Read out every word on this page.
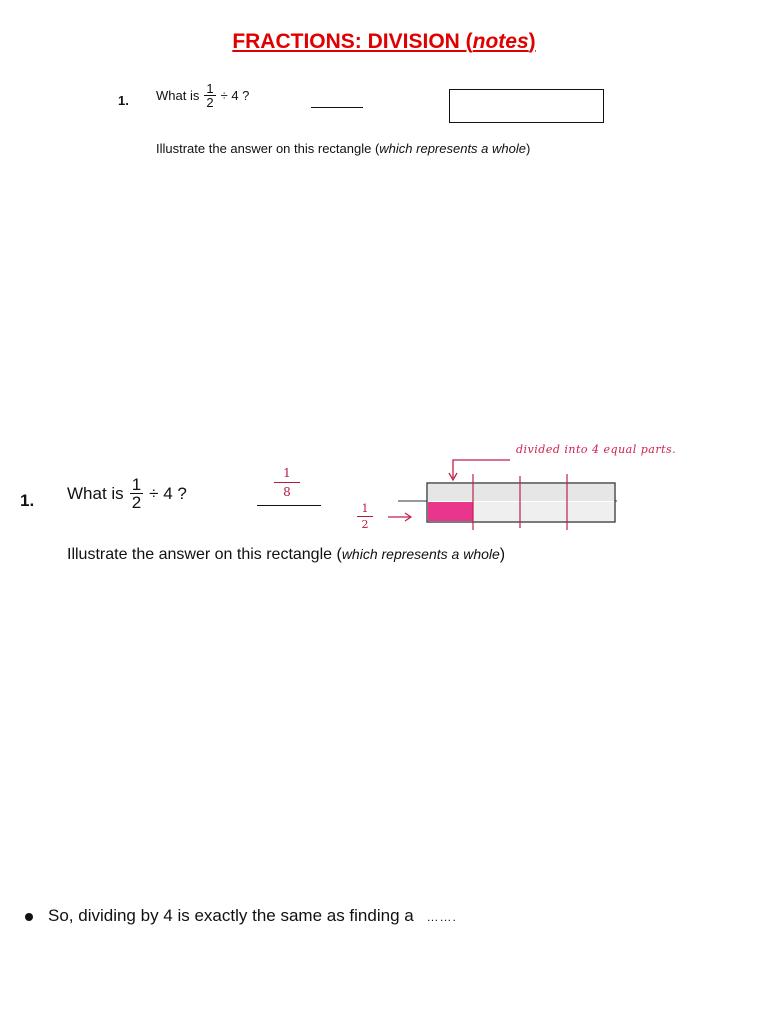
FRACTIONS: DIVISION (notes)
1. What is $\frac{1}{2} \div 4$ ?
Illustrate the answer on this rectangle (which represents a whole)
1. What is $\frac{1}{2} \div 4$ ?
1
8
1
2
divided into 4 equal parts.
Illustrate the answer on this rectangle (which represents a whole)
So, dividing by 4 is exactly the same as finding a …….
